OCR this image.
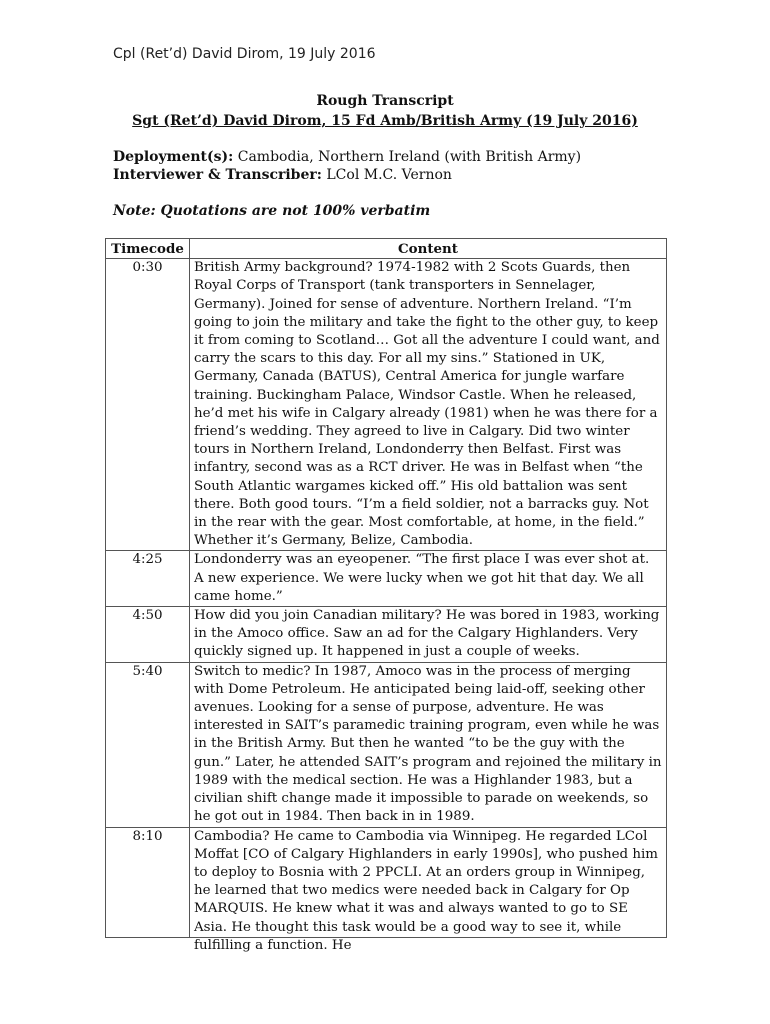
Cpl (Ret’d) David Dirom, 19 July 2016
Rough Transcript
Sgt (Ret’d) David Dirom, 15 Fd Amb/British Army (19 July 2016)
Deployment(s): Cambodia, Northern Ireland (with British Army)
Interviewer & Transcriber: LCol M.C. Vernon
Note: Quotations are not 100% verbatim
Timecode	Content
0:30	British Army background? 1974-1982 with 2 Scots Guards, then Royal Corps of Transport (tank transporters in Sennelager, Germany). Joined for sense of adventure. Northern Ireland. “I’m going to join the military and take the fight to the other guy, to keep it from coming to Scotland… Got all the adventure I could want, and carry the scars to this day. For all my sins.” Stationed in UK, Germany, Canada (BATUS), Central America for jungle warfare training. Buckingham Palace, Windsor Castle. When he released, he’d met his wife in Calgary already (1981) when he was there for a friend’s wedding. They agreed to live in Calgary. Did two winter tours in Northern Ireland, Londonderry then Belfast. First was infantry, second was as a RCT driver. He was in Belfast when “the South Atlantic wargames kicked off.” His old battalion was sent there. Both good tours. “I’m a field soldier, not a barracks guy. Not in the rear with the gear. Most comfortable, at home, in the field.” Whether it’s Germany, Belize, Cambodia.
4:25	Londonderry was an eyeopener. “The first place I was ever shot at. A new experience. We were lucky when we got hit that day. We all came home.”
4:50	How did you join Canadian military? He was bored in 1983, working in the Amoco office. Saw an ad for the Calgary Highlanders. Very quickly signed up. It happened in just a couple of weeks.
5:40	Switch to medic? In 1987, Amoco was in the process of merging with Dome Petroleum. He anticipated being laid-off, seeking other avenues. Looking for a sense of purpose, adventure. He was interested in SAIT’s paramedic training program, even while he was in the British Army. But then he wanted “to be the guy with the gun.” Later, he attended SAIT’s program and rejoined the military in 1989 with the medical section. He was a Highlander 1983, but a civilian shift change made it impossible to parade on weekends, so he got out in 1984. Then back in in 1989.
8:10	Cambodia? He came to Cambodia via Winnipeg. He regarded LCol Moffat [CO of Calgary Highlanders in early 1990s], who pushed him to deploy to Bosnia with 2 PPCLI. At an orders group in Winnipeg, he learned that two medics were needed back in Calgary for Op MARQUIS. He knew what it was and always wanted to go to SE Asia. He thought this task would be a good way to see it, while fulfilling a function. He
